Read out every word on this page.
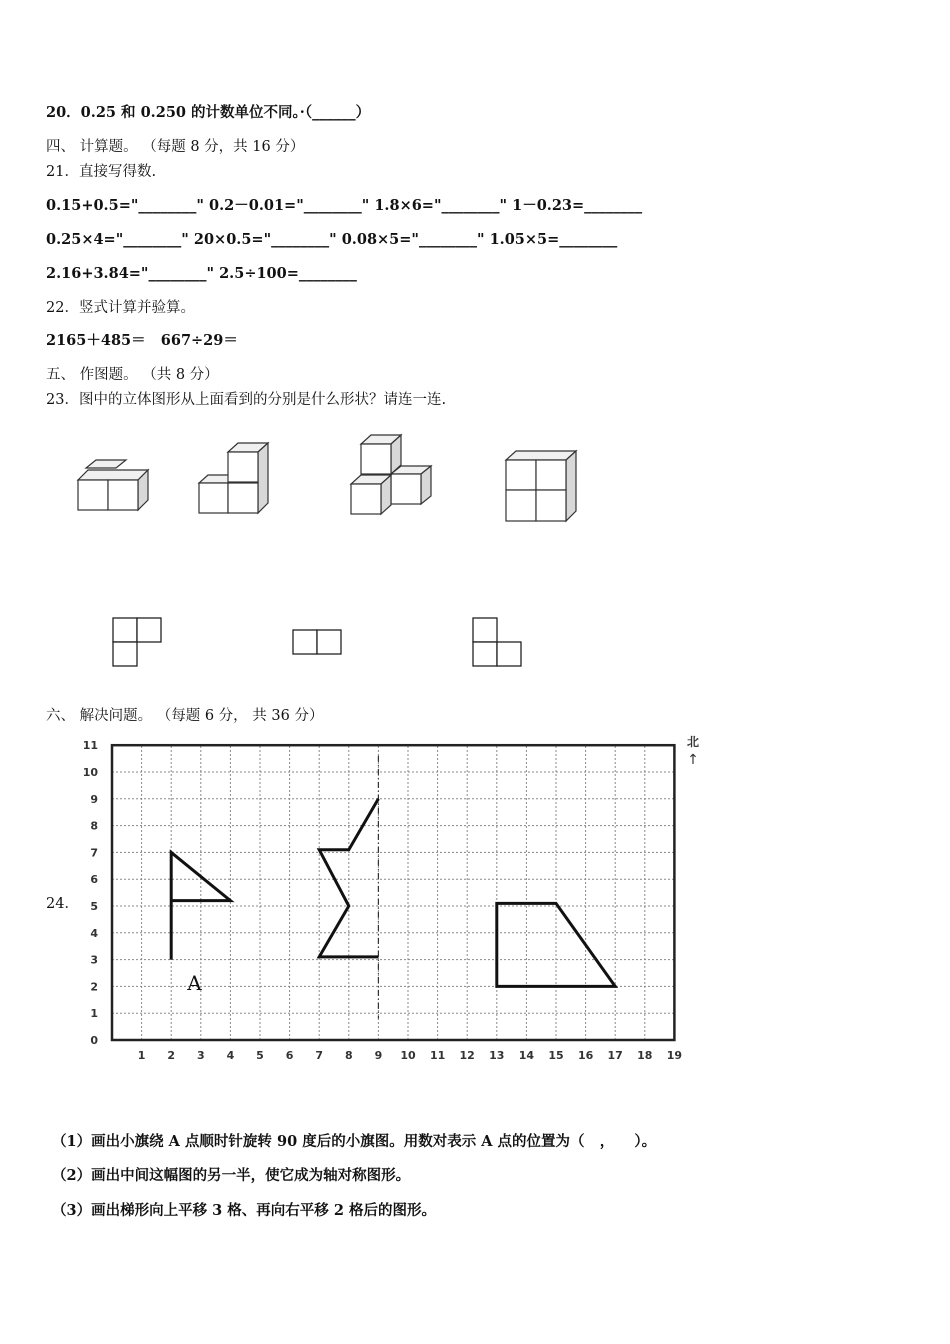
20．0.25 和 0.250 的计数单位不同。·（______）
四、 计算题。 （每题 8 分，共 16 分）
21．直接写得数.
0.15+0.5="________" 0.2－0.01="________" 1.8×6="________" 1－0.23=________
0.25×4="________" 20×0.5="________" 0.08×5="________" 1.05×5=________
2.16+3.84="________" 2.5÷100=________
22．竖式计算并验算。
2165＋485＝   667÷29＝
五、 作图题。 （共 8 分）
23．图中的立体图形从上面看到的分别是什么形状？请连一连.
六、 解决问题。 （每题 6 分， 共 36 分）
24．
1 2 3 4 5 6 7 8 9 10 11 12 13 14 15 16 17 18 19
0
1
2
3
4
5
6
7
8
9
10
11
A
北
↑
（1）画出小旗绕 A 点顺时针旋转 90 度后的小旗图。用数对表示 A 点的位置为（   ，    ）。
（2）画出中间这幅图的另一半，使它成为轴对称图形。
（3）画出梯形向上平移 3 格、再向右平移 2 格后的图形。
